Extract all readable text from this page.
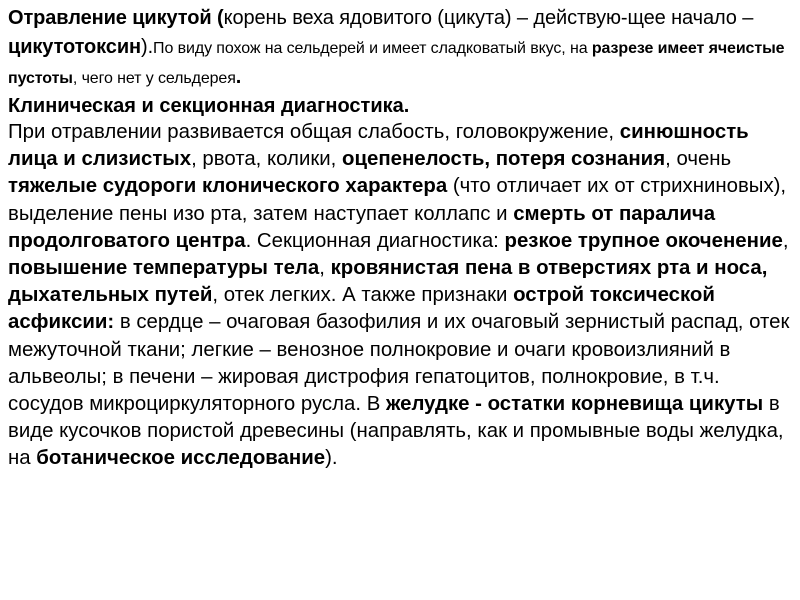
Отравление цикутой (корень веха ядовитого (цикута) – действую-щее начало – цикутотоксин).По виду похож на сельдерей и имеет сладковатый вкус, на разрезе имеет ячеистые пустоты, чего нет у сельдерея.

Клиническая и секционная диагностика.

При отравлении развивается общая слабость, головокружение, синюшность лица и слизистых, рвота, колики, оцепенелость, потеря сознания, очень тяжелые судороги клонического характера (что отличает их от стрихниновых), выделение пены изо рта, затем наступает коллапс и смерть от паралича продолговатого центра. Секционная диагностика: резкое трупное окоченение, повышение температуры тела, кровянистая пена в отверстиях рта и носа, дыхательных путей, отек легких. А также признаки острой токсической асфиксии: в сердце – очаговая базофилия и их очаговый зернистый распад, отек межуточной ткани; легкие – венозное полнокровие и очаги кровоизлияний в альвеолы; в печени – жировая дистрофия гепатоцитов, полнокровие, в т.ч. сосудов микроциркуляторного русла. В желудке - остатки корневища цикуты в виде кусочков пористой древесины (направлять, как и промывные воды желудка, на ботаническое исследование).
